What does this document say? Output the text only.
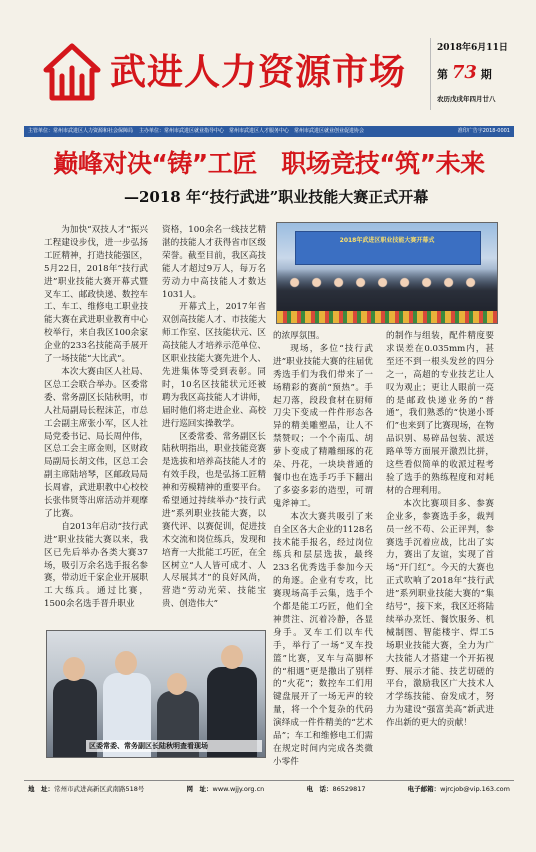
武进人力资源市场
2018年6月11日
第 73 期
农历戊戌年四月廿八
主管单位：常州市武进区人力资源和社会保障局 主办单位：常州市武进区就业指导中心　常州市武进区人才服务中心　常州市武进区就业创业促进协会	准印广告字2018-0001
巅峰对决“铸”工匠　职场竞技“筑”未来
—2018 年“技行武进”职业技能大赛正式开幕

为加快“双技人才”振兴工程建设步伐，进一步弘扬工匠精神，打造技能强区，5月22日，2018年“技行武进”职业技能大赛开幕式暨叉车工、邮政快递、数控车工、车工、维修电工职业技能大赛在武进职业教育中心校举行，来自我区100余家企业的233名技能高手展开了一场技能“大比武”。

本次大赛由区人社局、区总工会联合举办。区委常委、常务副区长陆秋明，市人社局副局长程沫芷，市总工会副主席张小军，区人社局党委书记、局长周仲伟，区总工会主席金则，区财政局副局长胡文伟，区总工会副主席陆培琴，区邮政局局长周睿，武进职教中心校校长张伟贤等出席活动并观摩了比赛。

自2013年启动“技行武进”职业技能大赛以来，我区已先后举办各类大赛37场，吸引万余名选手报名参赛，带动近千家企业开展职工大练兵。通过比赛，1500余名选手晋升职业

资格，100余名一线技艺精湛的技能人才获得省市区级荣誉。截至目前，我区高技能人才超过9万人，每万名劳动力中高技能人才数达1031人。

开幕式上，2017年省双创高技能人才、市技能大师工作室、区技能状元、区高技能人才培养示范单位、区职业技能大赛先进个人、先进集体等受到表彰。同时，10名区技能状元还被聘为我区高技能人才讲师，届时他们将走进企业、高校进行巡回实操教学。

区委常委、常务副区长陆秋明指出，职业技能竞赛是选拔和培养高技能人才的有效手段，也是弘扬工匠精神和劳模精神的重要平台。希望通过持续举办“技行武进”系列职业技能大赛，以赛代评、以赛促训，促进技术交流和岗位练兵，发现和培育一大批能工巧匠，在全区树立“人人皆可成才、人人尽展其才”的良好风尚，营造“劳动光荣、技能宝贵、创造伟大”

2018年武进区职业技能大赛开幕式

的浓厚氛围。

现场，多位“技行武进”职业技能大赛的往届优秀选手们为我们带来了一场精彩的赛前“预热”。手起刀落，段段食材在厨师刀尖下变成一件件形态各异的精美雕塑品，让人不禁赞叹；一个个南瓜、胡萝卜变成了精雕细琢的花朵、丹花，一块块普通的餐巾也在选手巧手下翻出了多姿多彩的造型，可谓鬼斧神工。

本次大赛共吸引了来自全区各大企业的1128名技术能手报名，经过岗位练兵和层层选拔，最终233名优秀选手参加今天的角逐。企业有专攻，比赛现场高手云集，选手个个都是能工巧匠，他们全神贯注、沉着冷静，各显身手。叉车工们以车代手，举行了一场“叉车投篮”比赛，叉车与高脚杯的“相遇”更是撒出了别样的“火花”；数控车工们用键盘展开了一场无声的较量，将一个个复杂的代码演绎成一件件精美的“艺术品”；车工和维修电工们需在规定时间内完成各类微小零件

的制作与组装，配件精度要求误差在0.035mm内，甚至还不到一根头发丝的四分之一，高超的专业技艺让人叹为观止；更让人眼前一亮的是邮政快递业务的“普通”，我们熟悉的“快递小哥们”也来到了比赛现场，在物品识别、易碎品包装、派送路单等方面展开激烈比拼，这些看似简单的收派过程考验了选手的熟练程度和对耗材的合理利用。

本次比赛项目多、参赛企业多，参赛选手多，裁判员一丝不苟、公正评判，参赛选手沉着应战，比出了实力，赛出了友谊，实现了首场“开门红”。今天的大赛也正式吹响了2018年“技行武进”系列职业技能大赛的“集结号”，接下来，我区还将陆续举办烹饪、餐饮服务、机械制图、智能楼宇、焊工5场职业技能大赛，全力为广大技能人才搭建一个开拓视野、展示才能、技艺切磋的平台，激励我区广大技术人才学练技能、奋发成才，努力为建设“强富美高”新武进作出新的更大的贡献！

区委常委、常务副区长陆秋明查看现场
地　址：常州市武进高新区武南路518号	网　址：www.wjjy.org.cn	电　话：86529817	电子邮箱：wjrcjob@vip.163.com
